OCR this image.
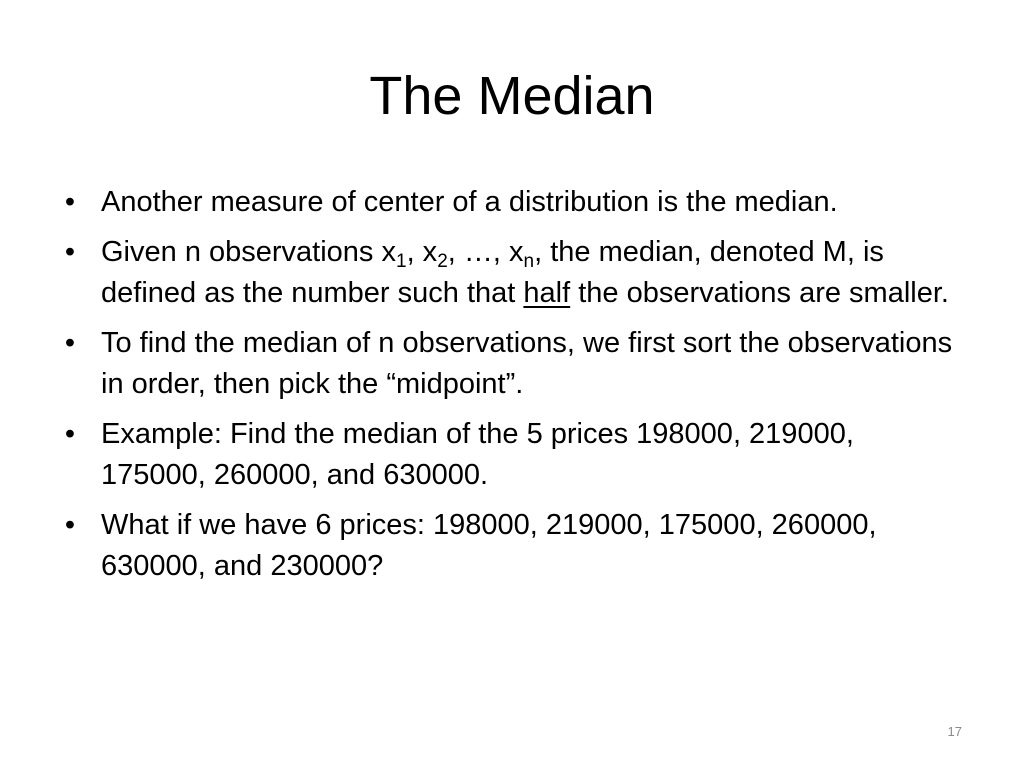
The Median
• Another measure of center of a distribution is the median.
• Given n observations $x_1$, $x_2$, …, $x_n$, the median, denoted M, is defined as the number such that half the observations are smaller.
• To find the median of n observations, we first sort the observations in order, then pick the “midpoint”.
• Example: Find the median of the 5 prices 198000, 219000, 175000, 260000, and 630000.
• What if we have 6 prices: 198000, 219000, 175000, 260000, 630000, and 230000?
17
